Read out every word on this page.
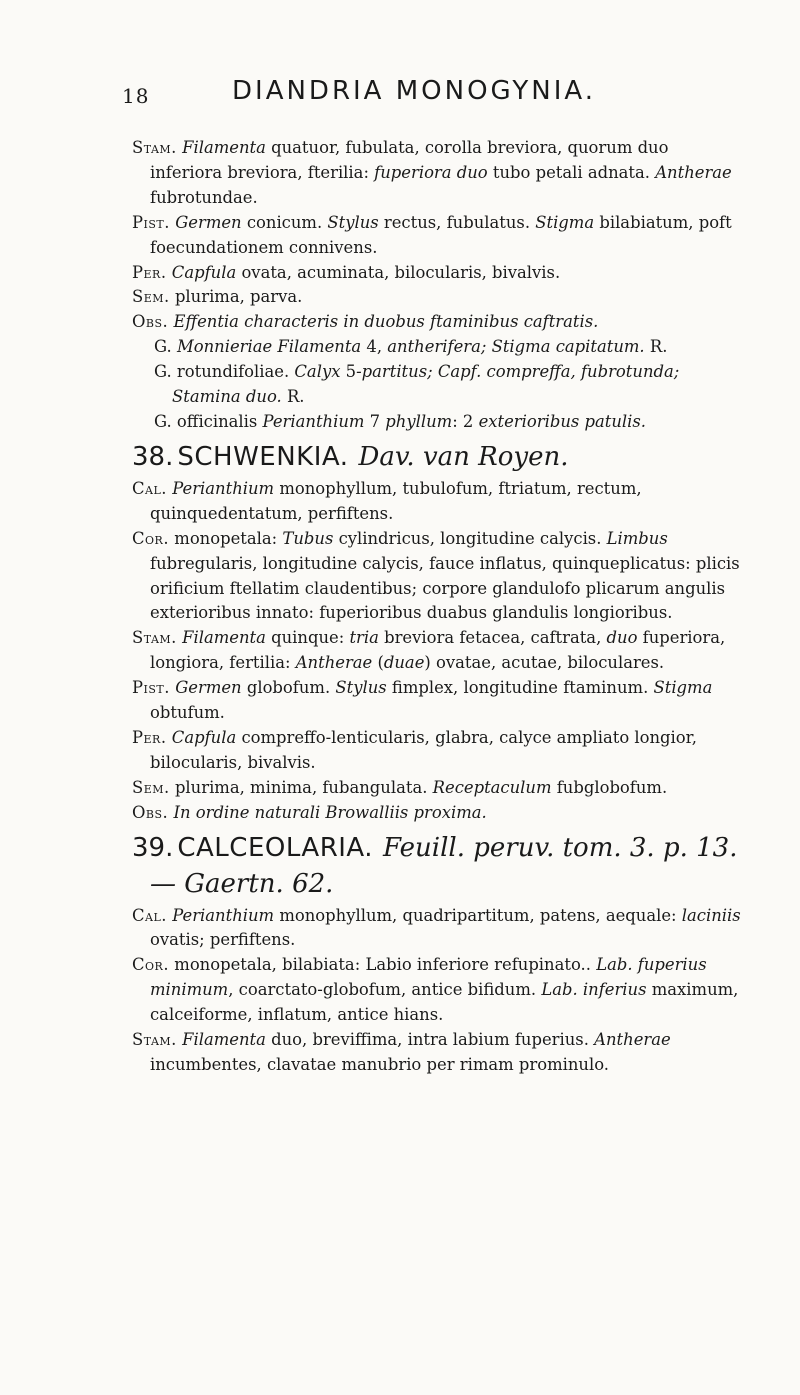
18	DIANDRIA MONOGYNIA.

Stam. Filamenta quatuor, fubulata, corolla breviora, quorum duo inferiora breviora, fterilia: fuperiora duo tubo petali adnata. Antherae fubrotundae.

Pist. Germen conicum. Stylus rectus, fubulatus. Stigma bilabiatum, poft foecundationem connivens.

Per. Capfula ovata, acuminata, bilocularis, bivalvis.

Sem. plurima, parva.

Obs. Effentia characteris in duobus ftaminibus caftratis.

G. Monnieriae Filamenta 4, antherifera; Stigma capitatum. R.

G. rotundifoliae. Calyx 5-partitus; Capf. compreffa, fubrotunda; Stamina duo. R.

G. officinalis Perianthium 7 phyllum: 2 exterioribus patulis.

38. SCHWENKIA. Dav. van Royen.

Cal. Perianthium monophyllum, tubulofum, ftriatum, rectum, quinquedentatum, perfiftens.

Cor. monopetala: Tubus cylindricus, longitudine calycis. Limbus fubregularis, longitudine calycis, fauce inflatus, quinqueplicatus: plicis orificium ftellatim claudentibus; corpore glandulofo plicarum angulis exterioribus innato: fuperioribus duabus glandulis longioribus.

Stam. Filamenta quinque: tria breviora fetacea, caftrata, duo fuperiora, longiora, fertilia: Antherae (duae) ovatae, acutae, biloculares.

Pist. Germen globofum. Stylus fimplex, longitudine ftaminum. Stigma obtufum.

Per. Capfula compreffo-lenticularis, glabra, calyce ampliato longior, bilocularis, bivalvis.

Sem. plurima, minima, fubangulata. Receptaculum fubglobofum.

Obs. In ordine naturali Browalliis proxima.

39. CALCEOLARIA. Feuill. peruv. tom. 3. p. 13. — Gaertn. 62.

Cal. Perianthium monophyllum, quadripartitum, patens, aequale: laciniis ovatis; perfiftens.

Cor. monopetala, bilabiata: Labio inferiore refupinato.. Lab. fuperius minimum, coarctato-globofum, antice bifidum. Lab. inferius maximum, calceiforme, inflatum, antice hians.

Stam. Filamenta duo, breviffima, intra labium fuperius. Antherae incumbentes, clavatae manubrio per rimam prominulo.
